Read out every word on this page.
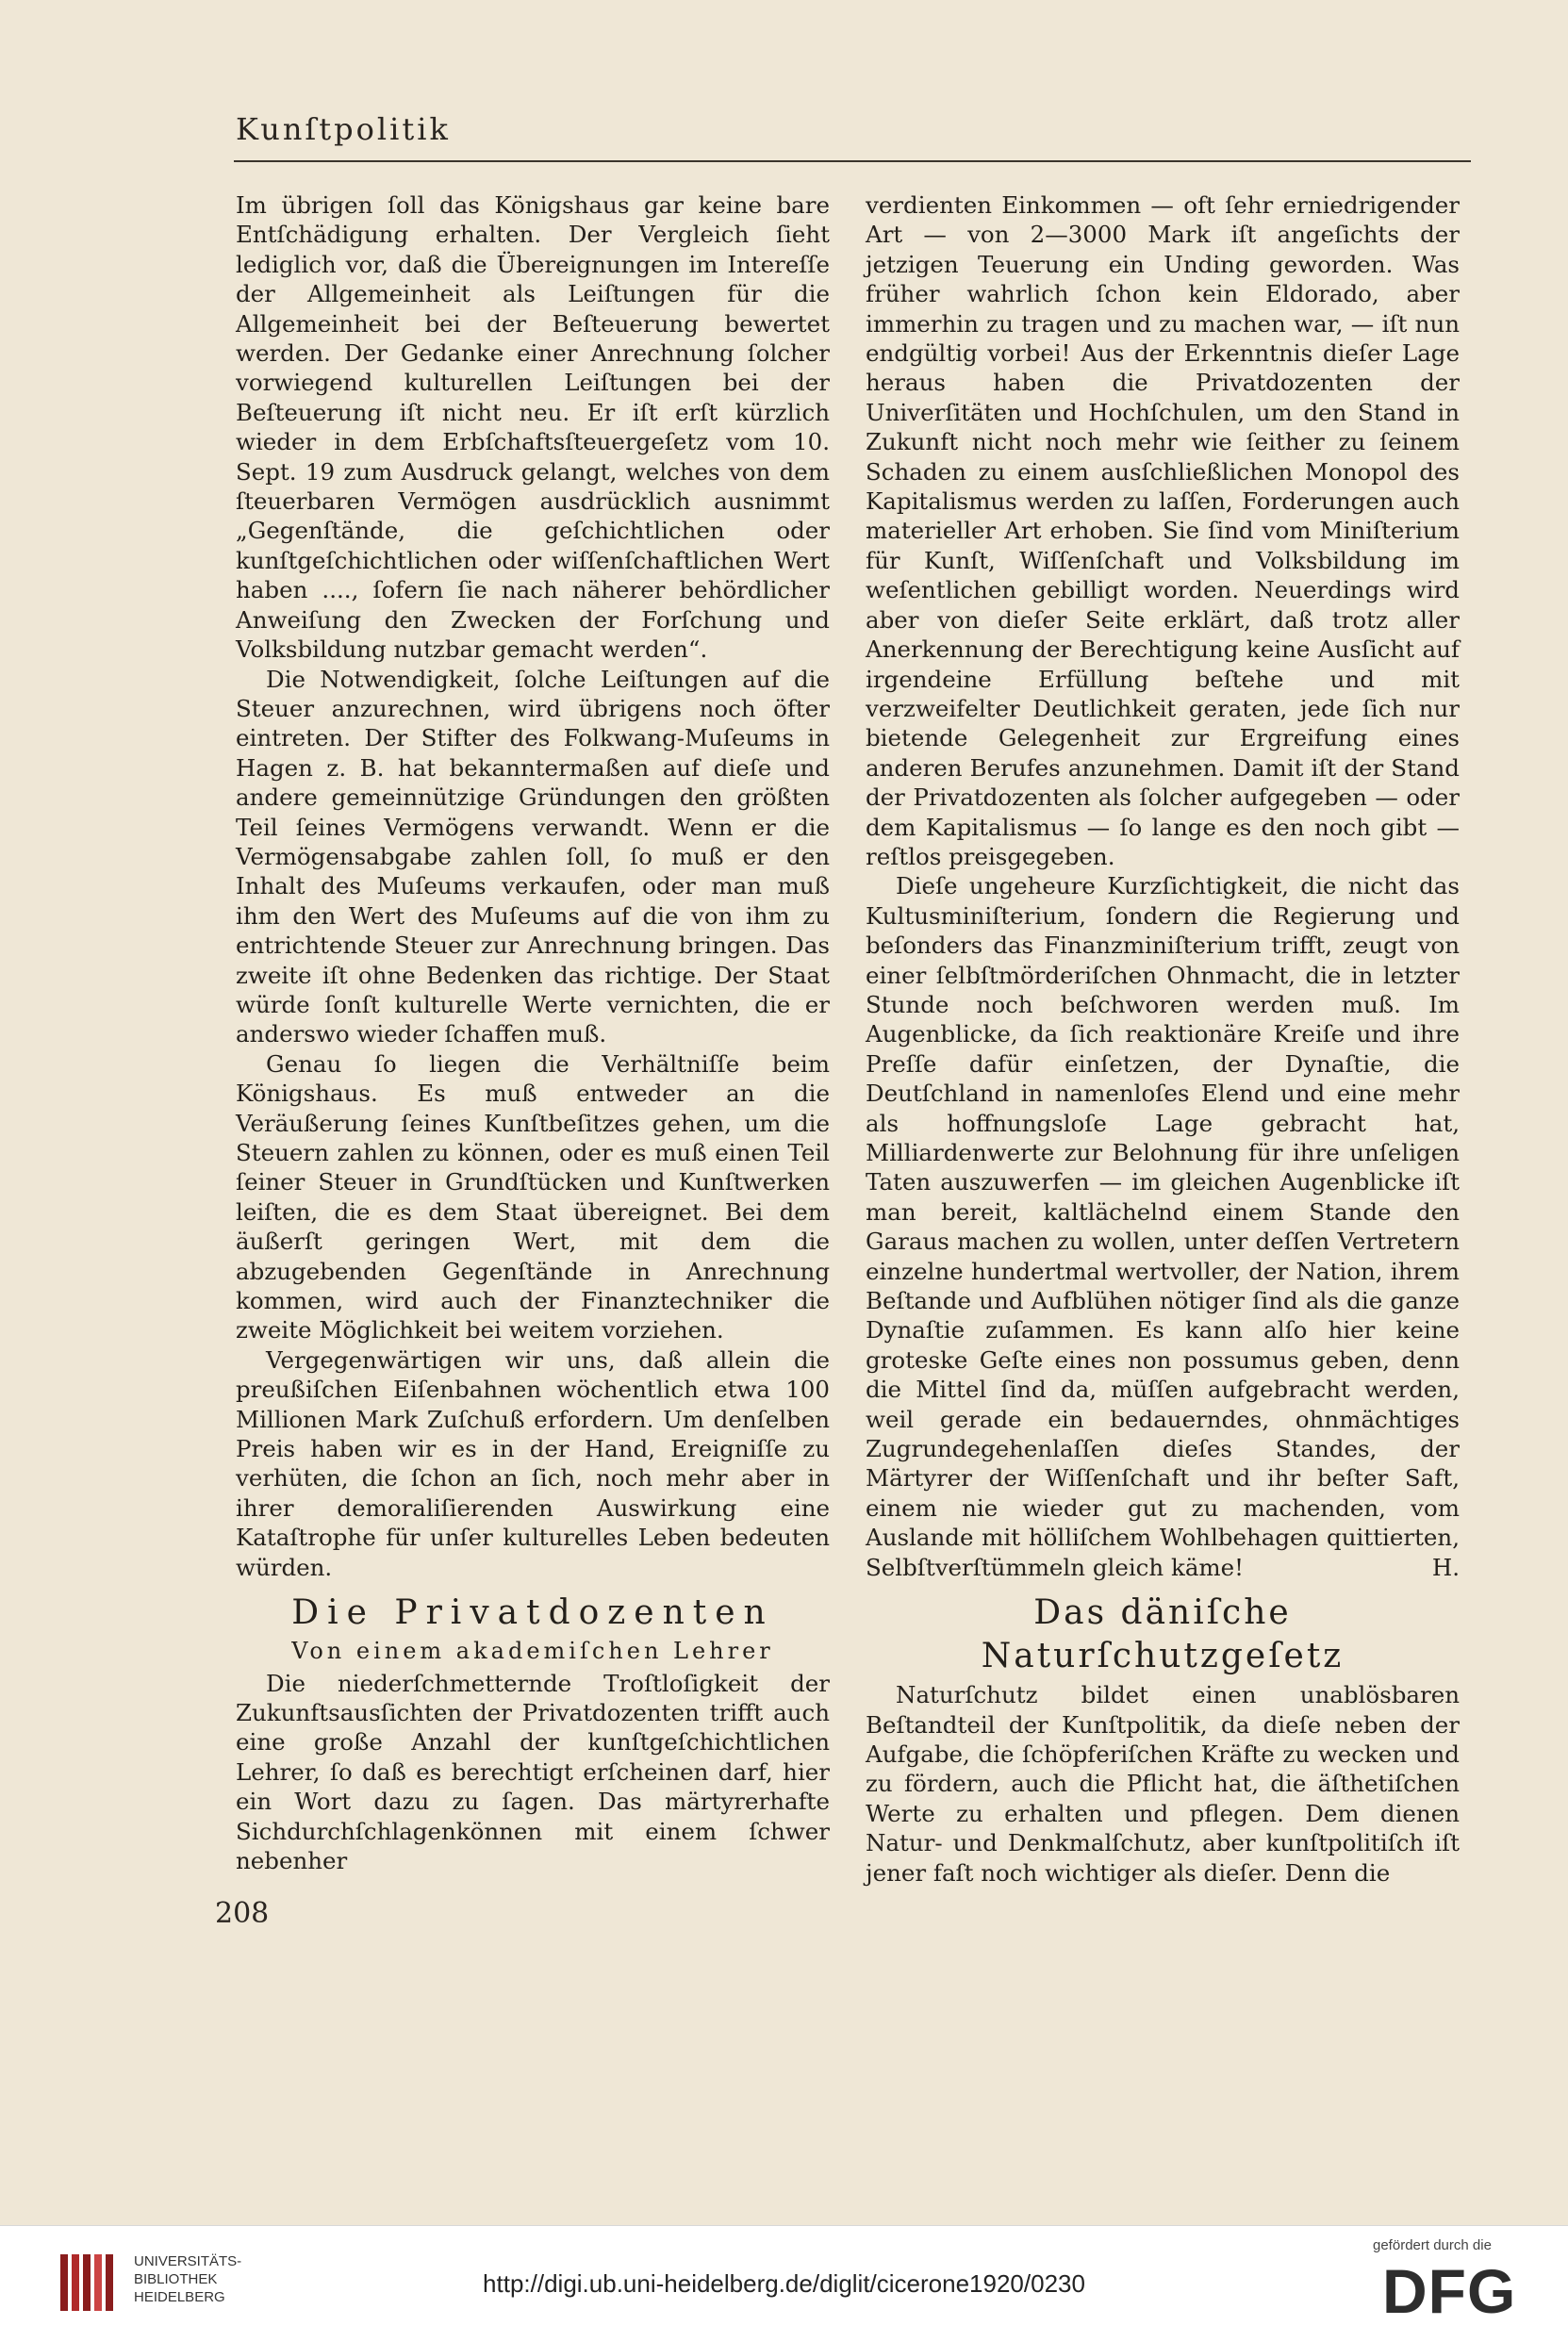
Kunſtpolitik

Im übrigen ſoll das Königshaus gar keine bare Entſchädigung erhalten. Der Vergleich ſieht lediglich vor, daß die Übereignungen im Intereſſe der Allgemeinheit als Leiſtungen für die Allgemeinheit bei der Beſteuerung bewertet werden. Der Gedanke einer Anrechnung ſolcher vorwiegend kulturellen Leiſtungen bei der Beſteuerung iſt nicht neu. Er iſt erſt kürzlich wieder in dem Erbſchaftsſteuergeſetz vom 10. Sept. 19 zum Ausdruck gelangt, welches von dem ſteuerbaren Vermögen ausdrücklich ausnimmt „Gegenſtände, die geſchichtlichen oder kunſtgeſchichtlichen oder wiſſenſchaftlichen Wert haben ...., ſofern ſie nach näherer behördlicher Anweiſung den Zwecken der Forſchung und Volksbildung nutzbar gemacht werden“.

Die Notwendigkeit, ſolche Leiſtungen auf die Steuer anzurechnen, wird übrigens noch öfter eintreten. Der Stifter des Folkwang-Muſeums in Hagen z. B. hat bekanntermaßen auf dieſe und andere gemeinnützige Gründungen den größten Teil ſeines Vermögens verwandt. Wenn er die Vermögensabgabe zahlen ſoll, ſo muß er den Inhalt des Muſeums verkaufen, oder man muß ihm den Wert des Muſeums auf die von ihm zu entrichtende Steuer zur Anrechnung bringen. Das zweite iſt ohne Bedenken das richtige. Der Staat würde ſonſt kulturelle Werte vernichten, die er anderswo wieder ſchaffen muß.

Genau ſo liegen die Verhältniſſe beim Königshaus. Es muß entweder an die Veräußerung ſeines Kunſtbeſitzes gehen, um die Steuern zahlen zu können, oder es muß einen Teil ſeiner Steuer in Grundſtücken und Kunſtwerken leiſten, die es dem Staat übereignet. Bei dem äußerſt geringen Wert, mit dem die abzugebenden Gegenſtände in Anrechnung kommen, wird auch der Finanztechniker die zweite Möglichkeit bei weitem vorziehen.

Vergegenwärtigen wir uns, daß allein die preußiſchen Eiſenbahnen wöchentlich etwa 100 Millionen Mark Zuſchuß erfordern. Um denſelben Preis haben wir es in der Hand, Ereigniſſe zu verhüten, die ſchon an ſich, noch mehr aber in ihrer demoraliſierenden Auswirkung eine Kataſtrophe für unſer kulturelles Leben bedeuten würden.

Die Privatdozenten
Von einem akademiſchen Lehrer

Die niederſchmetternde Troſtloſigkeit der Zukunftsausſichten der Privatdozenten trifft auch eine große Anzahl der kunſtgeſchichtlichen Lehrer, ſo daß es berechtigt erſcheinen darf, hier ein Wort dazu zu ſagen. Das märtyrerhafte Sichdurchſchlagenkönnen mit einem ſchwer nebenher

verdienten Einkommen — oft ſehr erniedrigender Art — von 2—3000 Mark iſt angeſichts der jetzigen Teuerung ein Unding geworden. Was früher wahrlich ſchon kein Eldorado, aber immerhin zu tragen und zu machen war, — iſt nun endgültig vorbei! Aus der Erkenntnis dieſer Lage heraus haben die Privatdozenten der Univerſitäten und Hochſchulen, um den Stand in Zukunft nicht noch mehr wie ſeither zu ſeinem Schaden zu einem ausſchließlichen Monopol des Kapitalismus werden zu laſſen, Forderungen auch materieller Art erhoben. Sie ſind vom Miniſterium für Kunſt, Wiſſenſchaft und Volksbildung im weſentlichen gebilligt worden. Neuerdings wird aber von dieſer Seite erklärt, daß trotz aller Anerkennung der Berechtigung keine Ausſicht auf irgendeine Erfüllung beſtehe und mit verzweifelter Deutlichkeit geraten, jede ſich nur bietende Gelegenheit zur Ergreifung eines anderen Berufes anzunehmen. Damit iſt der Stand der Privatdozenten als ſolcher aufgegeben — oder dem Kapitalismus — ſo lange es den noch gibt — reſtlos preisgegeben.

Dieſe ungeheure Kurzſichtigkeit, die nicht das Kultusminiſterium, ſondern die Regierung und beſonders das Finanzminiſterium trifft, zeugt von einer ſelbſtmörderiſchen Ohnmacht, die in letzter Stunde noch beſchworen werden muß. Im Augenblicke, da ſich reaktionäre Kreiſe und ihre Preſſe dafür einſetzen, der Dynaſtie, die Deutſchland in namenloſes Elend und eine mehr als hoffnungsloſe Lage gebracht hat, Milliardenwerte zur Belohnung für ihre unſeligen Taten auszuwerfen — im gleichen Augenblicke iſt man bereit, kaltlächelnd einem Stande den Garaus machen zu wollen, unter deſſen Vertretern einzelne hundertmal wertvoller, der Nation, ihrem Beſtande und Aufblühen nötiger ſind als die ganze Dynaſtie zuſammen. Es kann alſo hier keine groteske Geſte eines non possumus geben, denn die Mittel ſind da, müſſen aufgebracht werden, weil gerade ein bedauerndes, ohnmächtiges Zugrundegehenlaſſen dieſes Standes, der Märtyrer der Wiſſenſchaft und ihr beſter Saft, einem nie wieder gut zu machenden, vom Auslande mit hölliſchem Wohlbehagen quittierten, Selbſtverſtümmeln gleich käme!	H.

Das däniſche Naturſchutzgeſetz

Naturſchutz bildet einen unablösbaren Beſtandteil der Kunſtpolitik, da dieſe neben der Aufgabe, die ſchöpferiſchen Kräfte zu wecken und zu fördern, auch die Pflicht hat, die äſthetiſchen Werte zu erhalten und pflegen. Dem dienen Natur- und Denkmalſchutz, aber kunſtpolitiſch iſt jener faſt noch wichtiger als dieſer. Denn die

208
UNIVERSITÄTS-
BIBLIOTHEK
HEIDELBERG	http://digi.ub.uni-heidelberg.de/diglit/cicerone1920/0230
gefördert durch die
DFG
